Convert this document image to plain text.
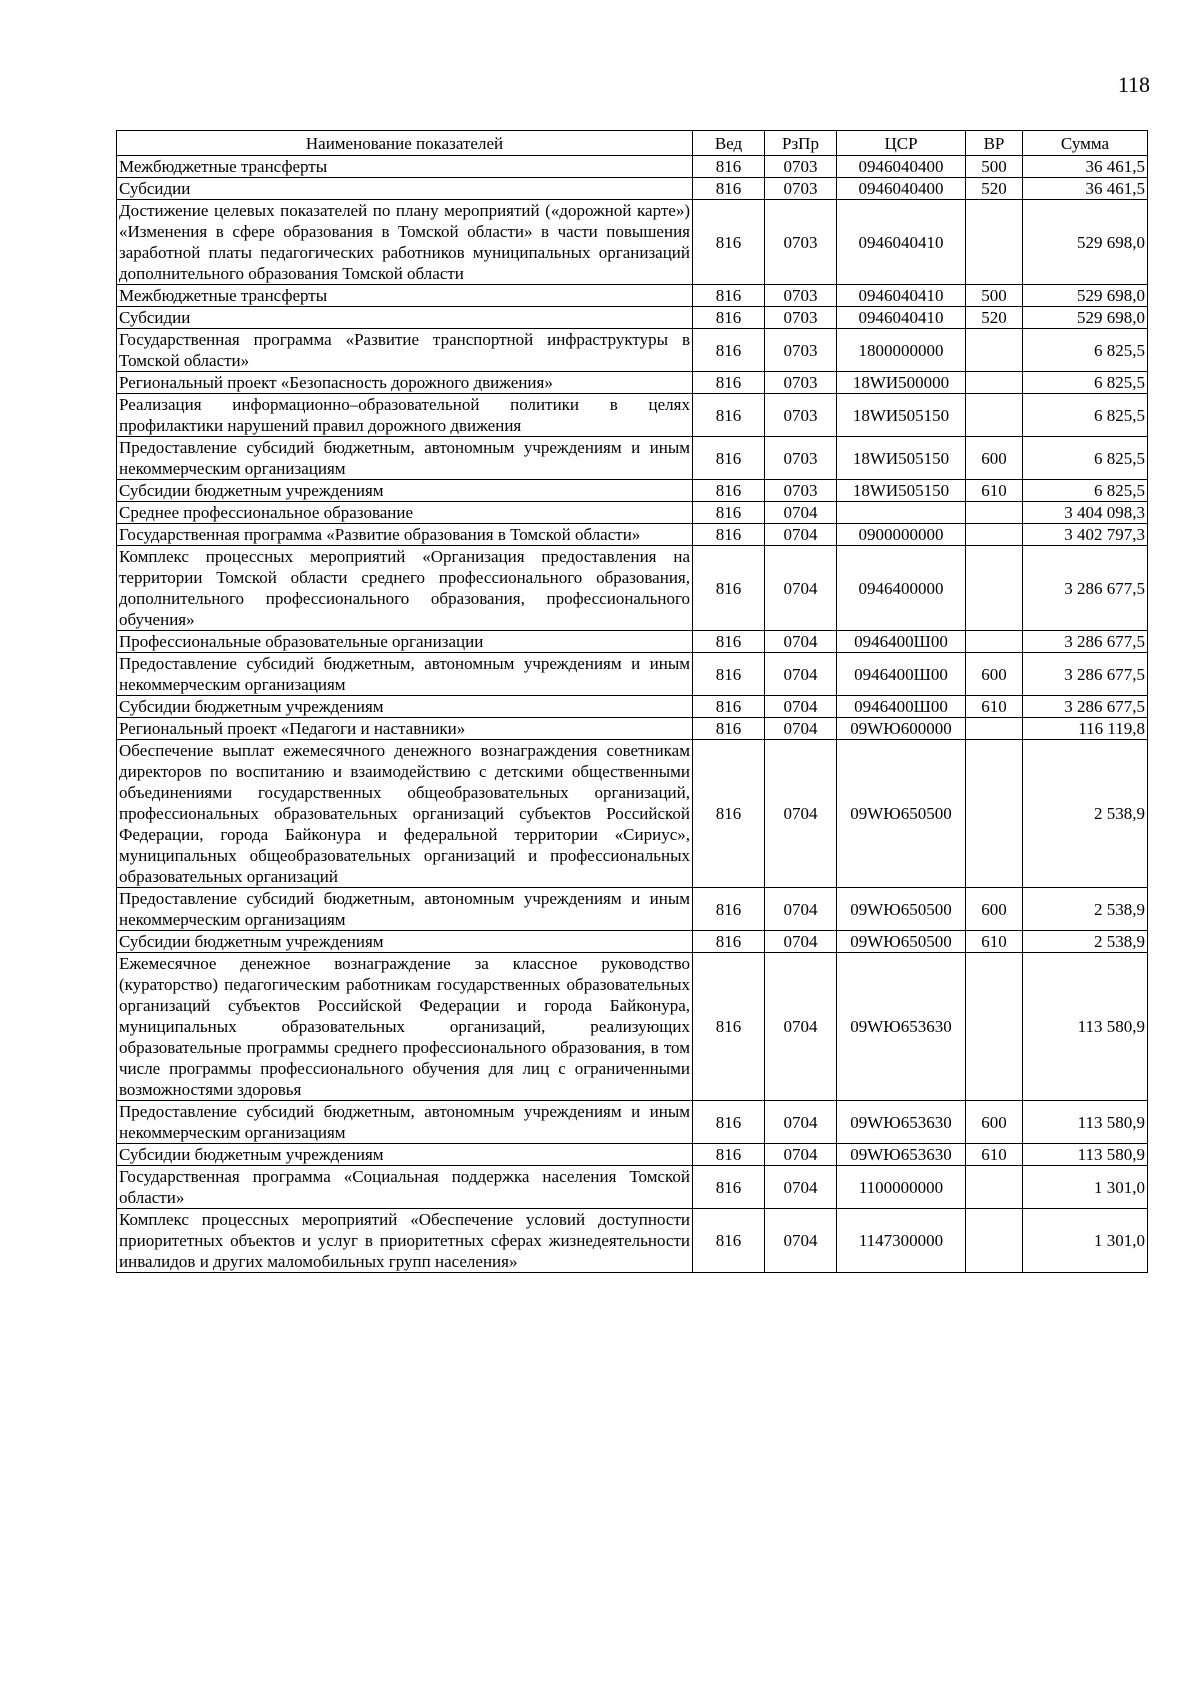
118
Наименование показателей	Вед	РзПр	ЦСР	ВР	Сумма
Межбюджетные трансферты	816	0703	0946040400	500	36 461,5
Субсидии	816	0703	0946040400	520	36 461,5
Достижение целевых показателей по плану мероприятий («дорожной карте») «Изменения в сфере образования в Томской области» в части повышения заработной платы педагогических работников муниципальных организаций дополнительного образования Томской области	816	0703	0946040410		529 698,0
Межбюджетные трансферты	816	0703	0946040410	500	529 698,0
Субсидии	816	0703	0946040410	520	529 698,0
Государственная программа «Развитие транспортной инфраструктуры в Томской области»	816	0703	1800000000		6 825,5
Региональный проект «Безопасность дорожного движения»	816	0703	18WИ500000		6 825,5
Реализация информационно–образовательной политики в целях профилактики нарушений правил дорожного движения	816	0703	18WИ505150		6 825,5
Предоставление субсидий бюджетным, автономным учреждениям и иным некоммерческим организациям	816	0703	18WИ505150	600	6 825,5
Субсидии бюджетным учреждениям	816	0703	18WИ505150	610	6 825,5
Среднее профессиональное образование	816	0704			3 404 098,3
Государственная программа «Развитие образования в Томской области»	816	0704	0900000000		3 402 797,3
Комплекс процессных мероприятий «Организация предоставления на территории Томской области среднего профессионального образования, дополнительного профессионального образования, профессионального обучения»	816	0704	0946400000		3 286 677,5
Профессиональные образовательные организации	816	0704	0946400Ш00		3 286 677,5
Предоставление субсидий бюджетным, автономным учреждениям и иным некоммерческим организациям	816	0704	0946400Ш00	600	3 286 677,5
Субсидии бюджетным учреждениям	816	0704	0946400Ш00	610	3 286 677,5
Региональный проект «Педагоги и наставники»	816	0704	09WЮ600000		116 119,8
Обеспечение выплат ежемесячного денежного вознаграждения советникам директоров по воспитанию и взаимодействию с детскими общественными объединениями государственных общеобразовательных организаций, профессиональных образовательных организаций субъектов Российской Федерации, города Байконура и федеральной территории «Сириус», муниципальных общеобразовательных организаций и профессиональных образовательных организаций	816	0704	09WЮ650500		2 538,9
Предоставление субсидий бюджетным, автономным учреждениям и иным некоммерческим организациям	816	0704	09WЮ650500	600	2 538,9
Субсидии бюджетным учреждениям	816	0704	09WЮ650500	610	2 538,9
Ежемесячное денежное вознаграждение за классное руководство (кураторство) педагогическим работникам государственных образовательных организаций субъектов Российской Федерации и города Байконура, муниципальных образовательных организаций, реализующих образовательные программы среднего профессионального образования, в том числе программы профессионального обучения для лиц с ограниченными возможностями здоровья	816	0704	09WЮ653630		113 580,9
Предоставление субсидий бюджетным, автономным учреждениям и иным некоммерческим организациям	816	0704	09WЮ653630	600	113 580,9
Субсидии бюджетным учреждениям	816	0704	09WЮ653630	610	113 580,9
Государственная программа «Социальная поддержка населения Томской области»	816	0704	1100000000		1 301,0
Комплекс процессных мероприятий «Обеспечение условий доступности приоритетных объектов и услуг в приоритетных сферах жизнедеятельности инвалидов и других маломобильных групп населения»	816	0704	1147300000		1 301,0
